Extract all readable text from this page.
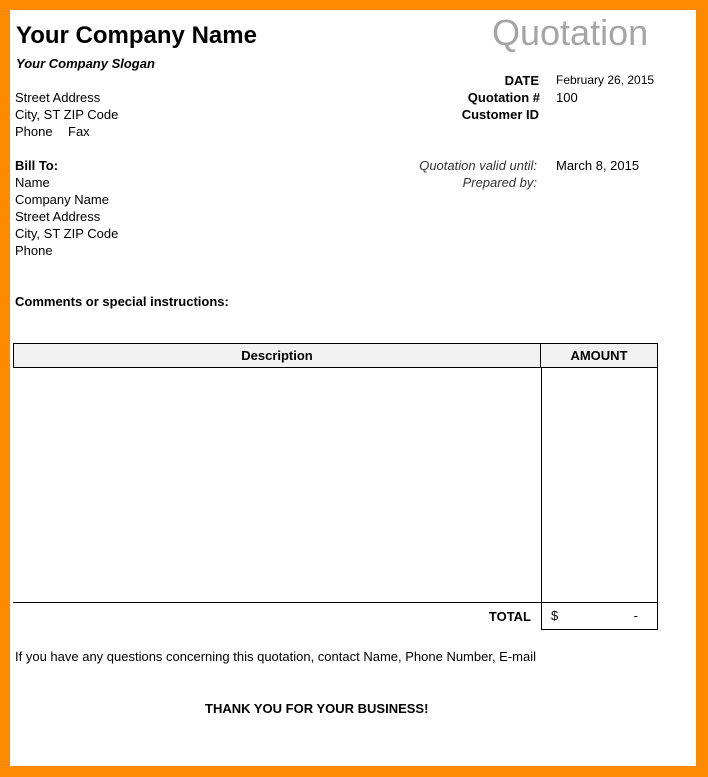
Your Company Name
Your Company Slogan
Quotation
Street Address
City, ST ZIP Code
Phone Fax
DATE February 26, 2015
Quotation # 100
Customer ID
Quotation valid until: March 8, 2015
Prepared by:
Bill To:
Name
Company Name
Street Address
City, ST ZIP Code
Phone
Comments or special instructions:
Description	AMOUNT
TOTAL $	-
If you have any questions concerning this quotation, contact Name, Phone Number, E-mail
THANK YOU FOR YOUR BUSINESS!
